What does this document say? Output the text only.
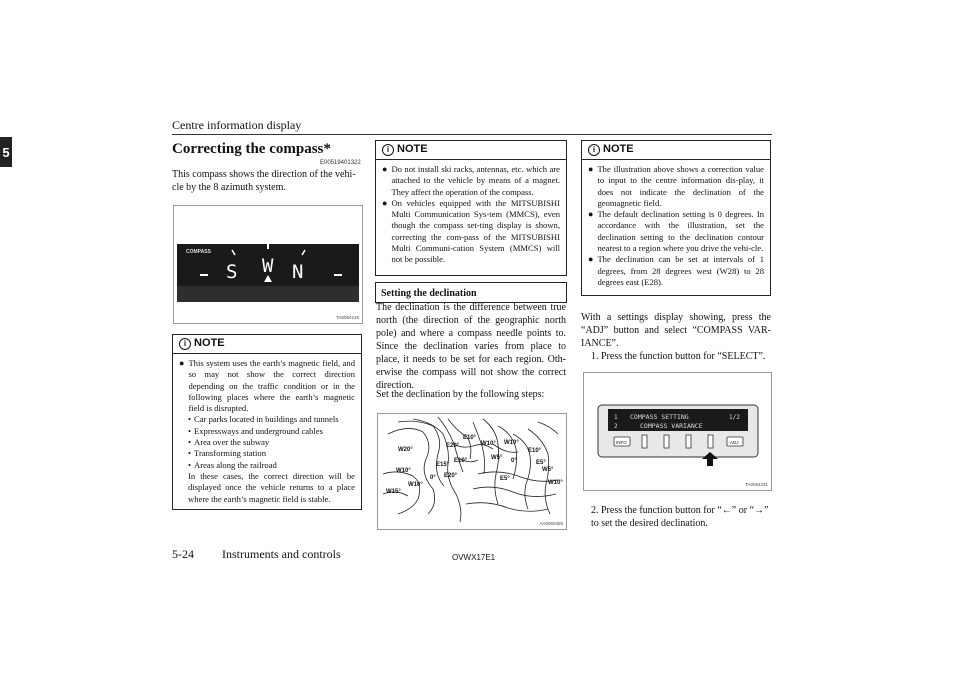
Centre information display
5	Correcting the compass*
E00519401322
This compass shows the direction of the vehi-cle by the 8 azimuth system.
COMPASS
S W N
TA0064218
i NOTE
● This system uses the earth’s magnetic field, and so may not show the correct direction depending on the traffic condition or in the following places where the earth’s magnetic field is disrupted.
• Car parks located in buildings and tunnels
• Expressways and underground cables
• Area over the subway
• Transforming station
• Areas along the railroad
In these cases, the correct direction will be displayed once the vehicle returns to a place where the earth’s magnetic field is stable.
i NOTE
● Do not install ski racks, antennas, etc. which are attached to the vehicle by means of a magnet. They affect the operation of the compass.
● On vehicles equipped with the MITSUBISHI Multi Communication Sys-tem (MMCS), even though the compass set-ting display is shown, correcting the com-pass of the MITSUBISHI Multi Communi-cation System (MMCS) will not be possible.
Setting the declination
The declination is the difference between true north (the direction of the geographic north pole) and where a compass needle points to. Since the declination varies from place to place, it needs to be set for each region. Oth-erwise the compass will not show the correct direction.
Set the declination by the following steps:
W20°
E20°
W10°
E10°
W15°
E15°
W10°
E10°
W5°
0° E20°
W10°
0°
E5°
W5°
W10°
E5°
E10°
W10°
AA0060455
i NOTE
● The illustration above shows a correction value to input to the centre information dis-play, it does not indicate the declination of the geomagnetic field.
● The default declination setting is 0 degrees. In accordance with the illustration, set the declination setting to the declination contour nearest to a region where you drive the vehi-cle.
● The declination can be set at intervals of 1 degrees, from 28 degrees west (W28) to 28 degrees east (E28).
With a settings display showing, press the “ADJ” button and select “COMPASS VAR-IANCE”.
1. Press the function button for “SELECT”.
COMPASS SETTING	1/2
COMPASS VARIANCE
1
2
INFO	ADJ
TA0064231
2. Press the function button for “←” or “→” to set the desired declination.
5-24 Instruments and controls	OVWX17E1
